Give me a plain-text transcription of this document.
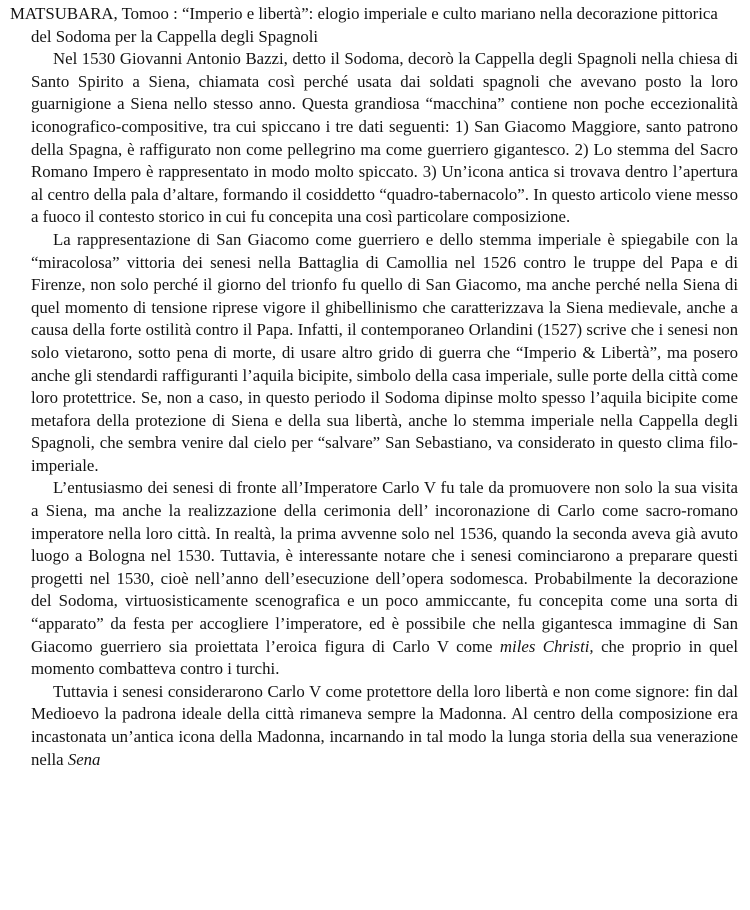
MATSUBARA, Tomoo : “Imperio e libertà”: elogio imperiale e culto mariano nella decorazione pittorica del Sodoma per la Cappella degli Spagnoli

Nel 1530 Giovanni Antonio Bazzi, detto il Sodoma, decorò la Cappella degli Spagnoli nella chiesa di Santo Spirito a Siena, chiamata così perché usata dai soldati spagnoli che avevano posto la loro guarnigione a Siena nello stesso anno. Questa grandiosa “macchina” contiene non poche eccezionalità iconografico-compositive, tra cui spiccano i tre dati seguenti: 1) San Giacomo Maggiore, santo patrono della Spagna, è raffigurato non come pellegrino ma come guerriero gigantesco. 2) Lo stemma del Sacro Romano Impero è rappresentato in modo molto spiccato. 3) Un’icona antica si trovava dentro l’apertura al centro della pala d’altare, formando il cosiddetto “quadro-tabernacolo”. In questo articolo viene messo a fuoco il contesto storico in cui fu concepita una così particolare composizione.

La rappresentazione di San Giacomo come guerriero e dello stemma imperiale è spiegabile con la “miracolosa” vittoria dei senesi nella Battaglia di Camollia nel 1526 contro le truppe del Papa e di Firenze, non solo perché il giorno del trionfo fu quello di San Giacomo, ma anche perché nella Siena di quel momento di tensione riprese vigore il ghibellinismo che caratterizzava la Siena medievale, anche a causa della forte ostilità contro il Papa. Infatti, il contemporaneo Orlandini (1527) scrive che i senesi non solo vietarono, sotto pena di morte, di usare altro grido di guerra che “Imperio & Libertà”, ma posero anche gli stendardi raffiguranti l’aquila bicipite, simbolo della casa imperiale, sulle porte della città come loro protettrice. Se, non a caso, in questo periodo il Sodoma dipinse molto spesso l’aquila bicipite come metafora della protezione di Siena e della sua libertà, anche lo stemma imperiale nella Cappella degli Spagnoli, che sembra venire dal cielo per “salvare” San Sebastiano, va considerato in questo clima filo-imperiale.

L’entusiasmo dei senesi di fronte all’Imperatore Carlo V fu tale da promuovere non solo la sua visita a Siena, ma anche la realizzazione della cerimonia dell’ incoronazione di Carlo come sacro-romano imperatore nella loro città. In realtà, la prima avvenne solo nel 1536, quando la seconda aveva già avuto luogo a Bologna nel 1530. Tuttavia, è interessante notare che i senesi cominciarono a preparare questi progetti nel 1530, cioè nell’anno dell’esecuzione dell’opera sodomesca. Probabilmente la decorazione del Sodoma, virtuosisticamente scenografica e un poco ammiccante, fu concepita come una sorta di “apparato” da festa per accogliere l’imperatore, ed è possibile che nella gigantesca immagine di San Giacomo guerriero sia proiettata l’eroica figura di Carlo V come miles Christi, che proprio in quel momento combatteva contro i turchi.

Tuttavia i senesi considerarono Carlo V come protettore della loro libertà e non come signore: fin dal Medioevo la padrona ideale della città rimaneva sempre la Madonna. Al centro della composizione era incastonata un’antica icona della Madonna, incarnando in tal modo la lunga storia della sua venerazione nella Sena
